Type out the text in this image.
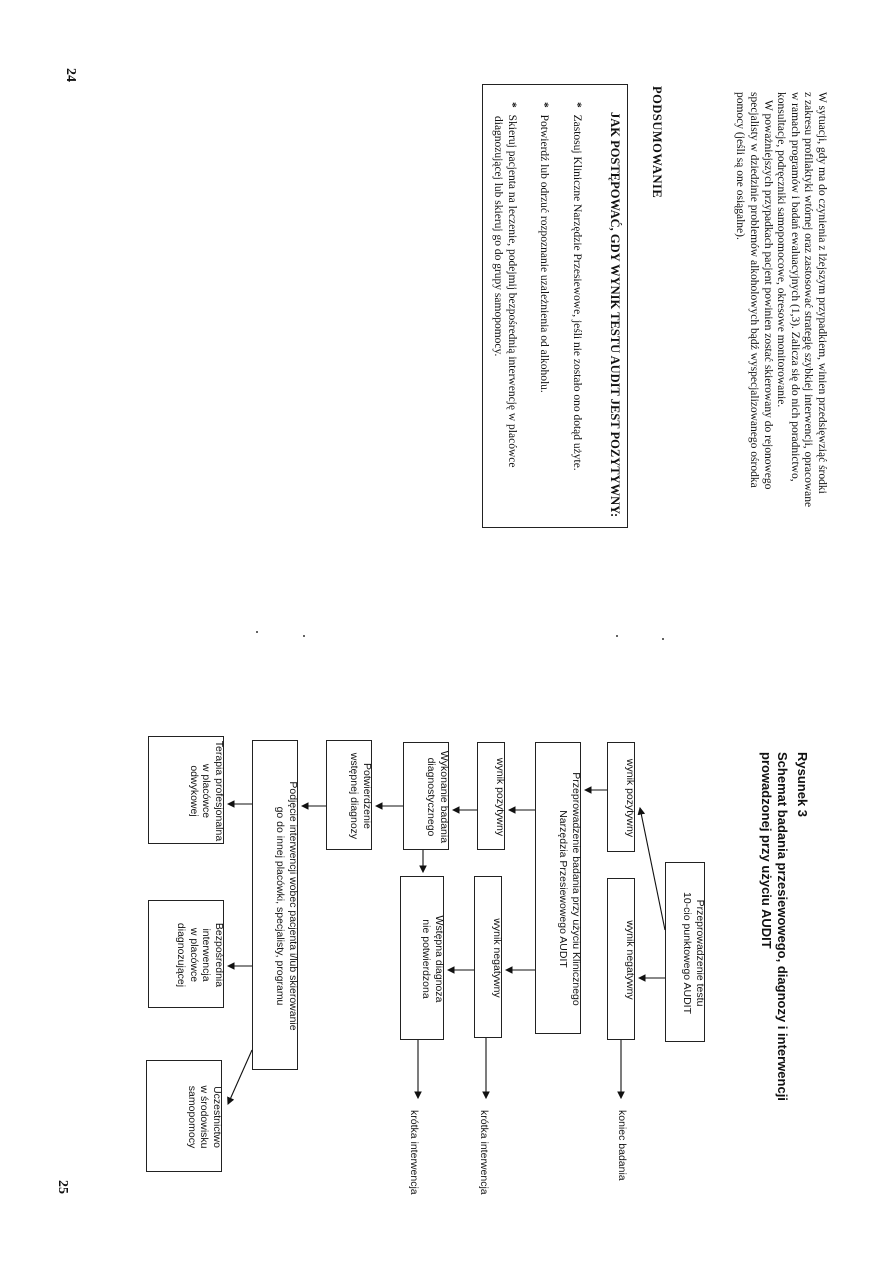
24
W sytuacji, gdy ma do czynienia z lżejszym przypadkiem, winien przedsięwziąć środki
z zakresu profilaktyki wtórnej oraz zastosować strategię szybkiej interwencji, opracowane
w ramach programów i badań ewaluacyjnych (1,3). Zalicza się do nich poradnictwo,
konsultacje, podręczniki samopomocowe, okresowe monitorowanie.
W poważniejszych przypadkach pacjent powinien zostać skierowany do rejonowego
specjalisty w dziedzinie problemów alkoholowych bądź wyspecjalizowanego ośrodka
pomocy (jeśli są one osiągalne).
PODSUMOWANIE
JAK POSTĘPOWAĆ, GDY WYNIK TESTU AUDIT JEST POZYTYWNY:
* Zastosuj Kliniczne Narzędzie Przesiewowe, jeśli nie zostało ono dotąd użyte.
* Potwierdź lub odrzuć rozpoznanie uzależnienia od alkoholu.
* Skieruj pacjenta na leczenie, podejmij bezpośrednią interwencję w placówce
diagnozującej lub skieruj go do grupy samopomocy.
25
Rysunek 3
Schemat badania przesiewowego, diagnozy i interwencji
prowadzonej przy użyciu AUDIT
Przeprowadzenie testu
10-cio punktowego AUDIT
wynik pozytywny
wynik negatywny
koniec badania
Przeprowadzenie badania przy użyciu Klinicznego
Narzędzia Przesiewowego AUDIT
wynik pozytywny
wynik negatywny
krótka interwencja
Wykonanie badania
diagnostycznego
Wstępna diagnoza
nie potwierdzona
krótka interwencja
Potwierdzenie
wstępnej diagnozy
Podjęcie interwencji wobec pacjenta i/lub skierowanie
go do innej placówki, specjalisty, programu
Terapia profesjonalna
w placówce
odwykowej
Bezpośrednia
interwencja
w placówce
diagnozującej
Uczestnictwo
w środowisku
samopomocy
